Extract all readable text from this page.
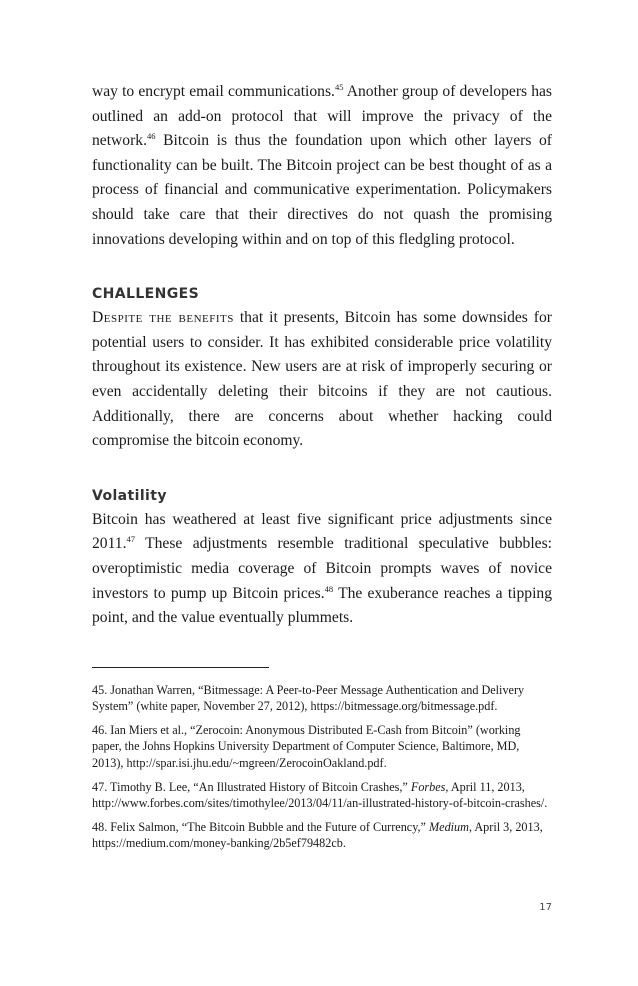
way to encrypt email communications.$^{45}$ Another group of developers has outlined an add-on protocol that will improve the privacy of the network.$^{46}$ Bitcoin is thus the foundation upon which other layers of functionality can be built. The Bitcoin project can be best thought of as a process of financial and communicative experimentation. Policymakers should take care that their directives do not quash the promising innovations developing within and on top of this fledgling protocol.

CHALLENGES

Despite the benefits that it presents, Bitcoin has some downsides for potential users to consider. It has exhibited considerable price volatility throughout its existence. New users are at risk of improperly securing or even accidentally deleting their bitcoins if they are not cautious. Additionally, there are concerns about whether hacking could compromise the bitcoin economy.

Volatility

Bitcoin has weathered at least five significant price adjustments since 2011.47 These adjustments resemble traditional speculative bubbles: overoptimistic media coverage of Bitcoin prompts waves of novice investors to pump up Bitcoin prices.$^{48}$ The exuberance reaches a tipping point, and the value eventually plummets.

45. Jonathan Warren, “Bitmessage: A Peer-to-Peer Message Authentication and Delivery System” (white paper, November 27, 2012), https://bitmessage.org/bitmessage.pdf.

46. Ian Miers et al., “Zerocoin: Anonymous Distributed E-Cash from Bitcoin” (working paper, the Johns Hopkins University Department of Computer Science, Baltimore, MD, 2013), http://spar.isi.jhu.edu/~mgreen/ZerocoinOakland.pdf.

47. Timothy B. Lee, “An Illustrated History of Bitcoin Crashes,” Forbes, April 11, 2013, http://www.forbes.com/sites/timothylee/2013/04/11/an-illustrated-history-of-bitcoin-crashes/.

48. Felix Salmon, “The Bitcoin Bubble and the Future of Currency,” Medium, April 3, 2013, https://medium.com/money-banking/2b5ef79482cb.

17
